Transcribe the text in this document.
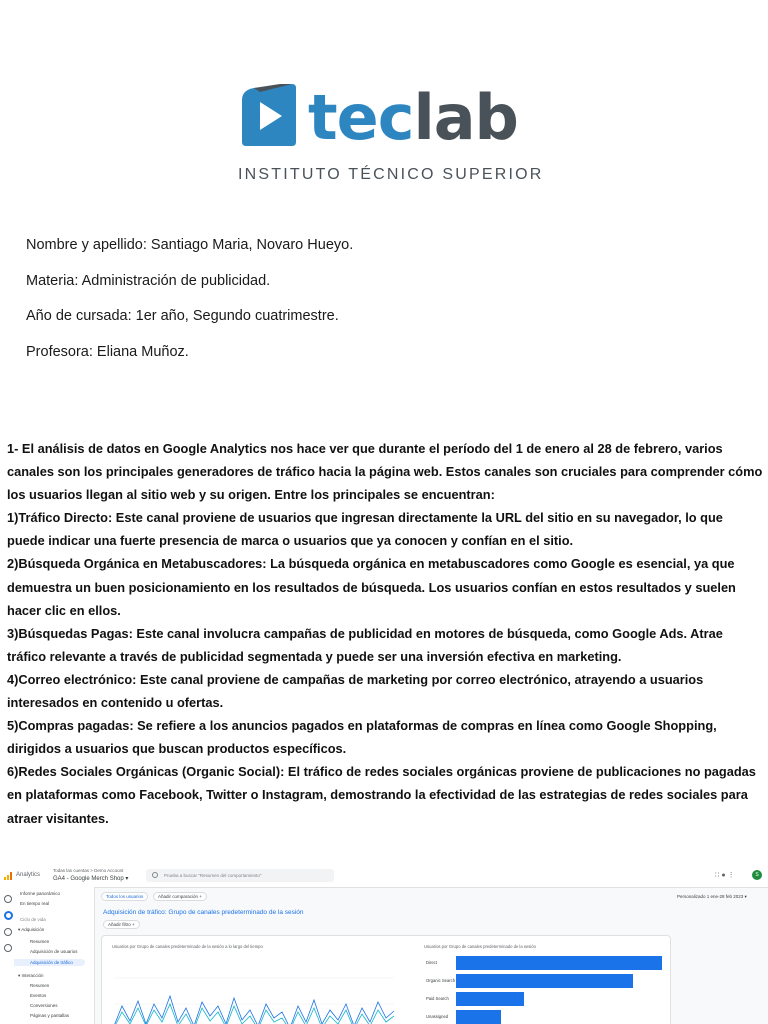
teclab
INSTITUTO TÉCNICO SUPERIOR

Nombre y apellido: Santiago Maria, Novaro Hueyo.

Materia: Administración de publicidad.

Año de cursada: 1er año, Segundo cuatrimestre.

Profesora: Eliana Muñoz.

1- El análisis de datos en Google Analytics nos hace ver que durante el período del 1 de enero al 28 de febrero, varios canales son los principales generadores de tráfico hacia la página web. Estos canales son cruciales para comprender cómo los usuarios llegan al sitio web y su origen. Entre los principales se encuentran:

1)Tráfico Directo: Este canal proviene de usuarios que ingresan directamente la URL del sitio en su navegador, lo que puede indicar una fuerte presencia de marca o usuarios que ya conocen y confían en el sitio.

2)Búsqueda Orgánica en Metabuscadores: La búsqueda orgánica en metabuscadores como Google es esencial, ya que demuestra un buen posicionamiento en los resultados de búsqueda. Los usuarios confían en estos resultados y suelen hacer clic en ellos.

3)Búsquedas Pagas: Este canal involucra campañas de publicidad en motores de búsqueda, como Google Ads. Atrae tráfico relevante a través de publicidad segmentada y puede ser una inversión efectiva en marketing.

4)Correo electrónico: Este canal proviene de campañas de marketing por correo electrónico, atrayendo a usuarios interesados en contenido u ofertas.

5)Compras pagadas: Se refiere a los anuncios pagados en plataformas de compras en línea como Google Shopping, dirigidos a usuarios que buscan productos específicos.

6)Redes Sociales Orgánicas (Organic Social): El tráfico de redes sociales orgánicas proviene de publicaciones no pagadas en plataformas como Facebook, Twitter o Instagram, demostrando la efectividad de las estrategias de redes sociales para atraer visitantes.

Analytics
Todas las cuentas > Demo Account
GA4 - Google Merch Shop ▾
Prueba a buscar "Resumen del comportamiento"	∷ ● ⋮	S
Informe panorámico
En tiempo real
Ciclo de vida
▾ Adquisición
Resumen
Adquisición de usuarios
Adquisición de tráfico
▾ Interacción
Resumen
Eventos
Conversiones
Páginas y pantallas
Todos los usuarios	Añadir comparación +	Personalizado 1 ene-28 feb 2023 ▾
Adquisición de tráfico: Grupo de canales predeterminado de la sesión
Añadir filtro +
Usuarios por Grupo de canales predeterminado de la sesión a lo largo del tiempo	Usuarios por Grupo de canales predeterminado de la sesión
Direct
Organic Search
Paid Search
Unassigned
